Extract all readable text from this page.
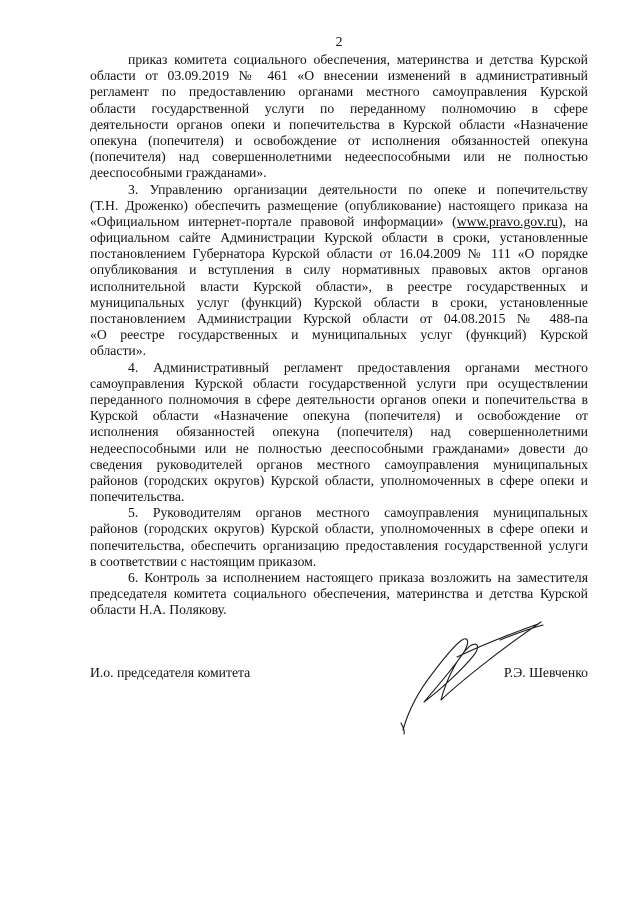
2
приказ комитета социального обеспечения, материнства и детства Курской
области от 03.09.2019 № 461 «О внесении изменений в административный
регламент по предоставлению органами местного самоуправления Курской
области государственной услуги по переданному полномочию в сфере
деятельности органов опеки и попечительства в Курской области «Назначение
опекуна (попечителя) и освобождение от исполнения обязанностей опекуна
(попечителя) над совершеннолетними недееспособными или не полностью
дееспособными гражданами».
3. Управлению организации деятельности по опеке и попечительству
(Т.Н. Дроженко) обеспечить размещение (опубликование) настоящего приказа на
«Официальном интернет-портале правовой информации» (www.pravo.gov.ru), на
официальном сайте Администрации Курской области в сроки, установленные
постановлением Губернатора Курской области от 16.04.2009 № 111 «О порядке
опубликования и вступления в силу нормативных правовых актов органов
исполнительной власти Курской области», в реестре государственных и
муниципальных услуг (функций) Курской области в сроки, установленные
постановлением Администрации Курской области от 04.08.2015 № 488-па
«О реестре государственных и муниципальных услуг (функций) Курской
области».
4. Административный регламент предоставления органами местного
самоуправления Курской области государственной услуги при осуществлении
переданного полномочия в сфере деятельности органов опеки и попечительства в
Курской области «Назначение опекуна (попечителя) и освобождение от
исполнения обязанностей опекуна (попечителя) над совершеннолетними
недееспособными или не полностью дееспособными гражданами» довести до
сведения руководителей органов местного самоуправления муниципальных
районов (городских округов) Курской области, уполномоченных в сфере опеки и
попечительства.
5. Руководителям органов местного самоуправления муниципальных
районов (городских округов) Курской области, уполномоченных в сфере опеки и
попечительства, обеспечить организацию предоставления государственной услуги
в соответствии с настоящим приказом.
6. Контроль за исполнением настоящего приказа возложить на заместителя
председателя комитета социального обеспечения, материнства и детства Курской
области Н.А. Полякову.
И.о. председателя комитета	Р.Э. Шевченко
